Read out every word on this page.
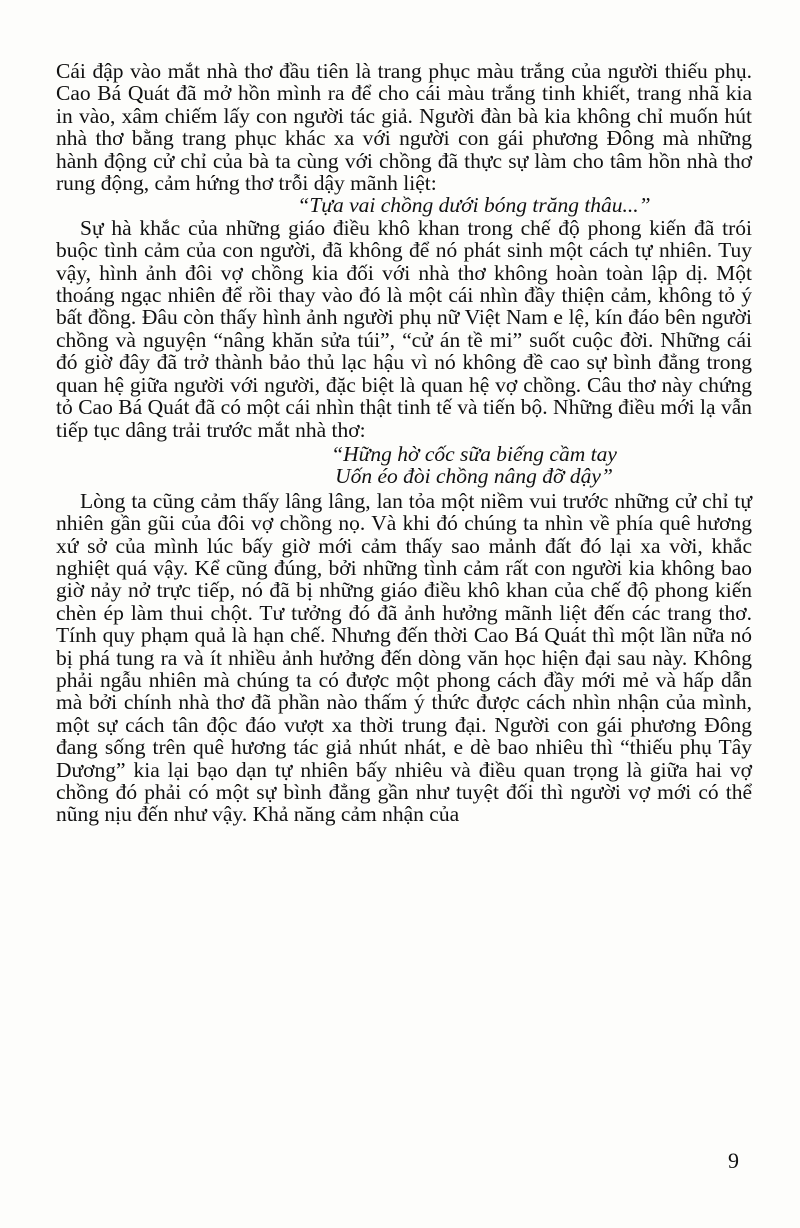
Cái đập vào mắt nhà thơ đầu tiên là trang phục màu trắng của người thiếu phụ. Cao Bá Quát đã mở hồn mình ra để cho cái màu trắng tinh khiết, trang nhã kia in vào, xâm chiếm lấy con người tác giả. Người đàn bà kia không chỉ muốn hút nhà thơ bằng trang phục khác xa với người con gái phương Đông mà những hành động cử chỉ của bà ta cùng với chồng đã thực sự làm cho tâm hồn nhà thơ rung động, cảm hứng thơ trỗi dậy mãnh liệt:

“Tựa vai chồng dưới bóng trăng thâu...”

Sự hà khắc của những giáo điều khô khan trong chế độ phong kiến đã trói buộc tình cảm của con người, đã không để nó phát sinh một cách tự nhiên. Tuy vậy, hình ảnh đôi vợ chồng kia đối với nhà thơ không hoàn toàn lập dị. Một thoáng ngạc nhiên để rồi thay vào đó là một cái nhìn đầy thiện cảm, không tỏ ý bất đồng. Đâu còn thấy hình ảnh người phụ nữ Việt Nam e lệ, kín đáo bên người chồng và nguyện “nâng khăn sửa túi”, “cử án tề mi” suốt cuộc đời. Những cái đó giờ đây đã trở thành bảo thủ lạc hậu vì nó không đề cao sự bình đẳng trong quan hệ giữa người với người, đặc biệt là quan hệ vợ chồng. Câu thơ này chứng tỏ Cao Bá Quát đã có một cái nhìn thật tinh tế và tiến bộ. Những điều mới lạ vẫn tiếp tục dâng trải trước mắt nhà thơ:

“Hững hờ cốc sữa biếng cầm tay
Uốn éo đòi chồng nâng đỡ dậy”

Lòng ta cũng cảm thấy lâng lâng, lan tỏa một niềm vui trước những cử chỉ tự nhiên gần gũi của đôi vợ chồng nọ. Và khi đó chúng ta nhìn về phía quê hương xứ sở của mình lúc bấy giờ mới cảm thấy sao mảnh đất đó lại xa vời, khắc nghiệt quá vậy. Kể cũng đúng, bởi những tình cảm rất con người kia không bao giờ nảy nở trực tiếp, nó đã bị những giáo điều khô khan của chế độ phong kiến chèn ép làm thui chột. Tư tưởng đó đã ảnh hưởng mãnh liệt đến các trang thơ. Tính quy phạm quả là hạn chế. Nhưng đến thời Cao Bá Quát thì một lần nữa nó bị phá tung ra và ít nhiều ảnh hưởng đến dòng văn học hiện đại sau này. Không phải ngẫu nhiên mà chúng ta có được một phong cách đầy mới mẻ và hấp dẫn mà bởi chính nhà thơ đã phần nào thấm ý thức được cách nhìn nhận của mình, một sự cách tân độc đáo vượt xa thời trung đại. Người con gái phương Đông đang sống trên quê hương tác giả nhút nhát, e dè bao nhiêu thì “thiếu phụ Tây Dương” kia lại bạo dạn tự nhiên bấy nhiêu và điều quan trọng là giữa hai vợ chồng đó phải có một sự bình đẳng gần như tuyệt đối thì người vợ mới có thể nũng nịu đến như vậy. Khả năng cảm nhận của

9
